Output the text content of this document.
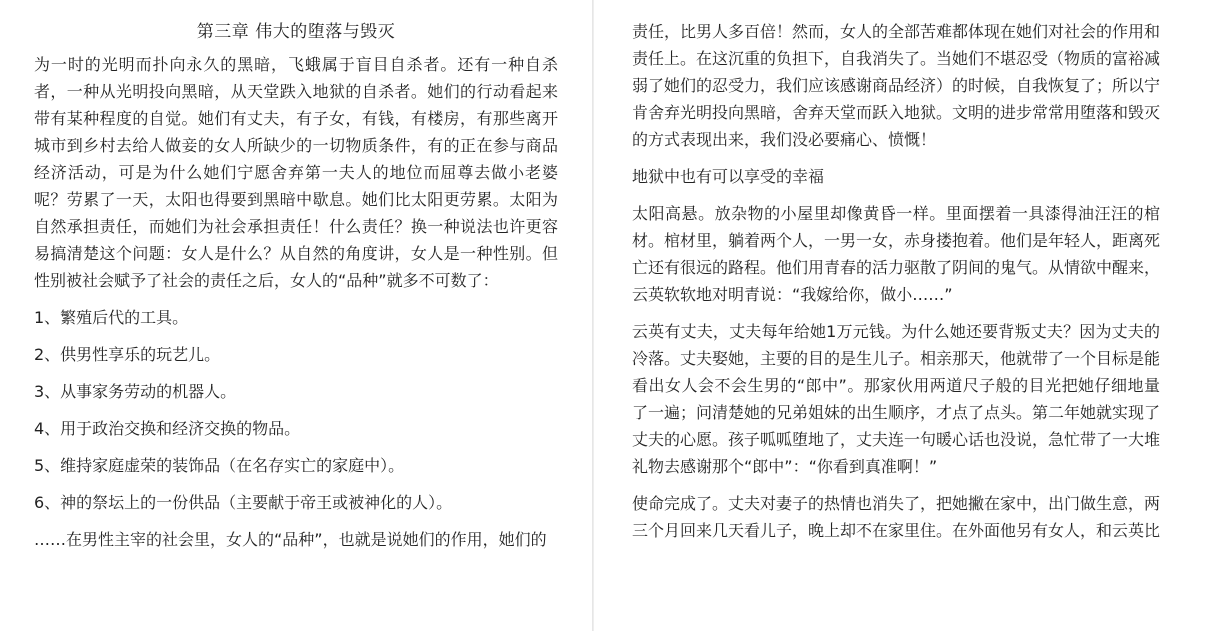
第三章 伟大的堕落与毁灭

为一时的光明而扑向永久的黑暗，飞蛾属于盲目自杀者。还有一种自杀者，一种从光明投向黑暗，从天堂跌入地狱的自杀者。她们的行动看起来带有某种程度的自觉。她们有丈夫，有子女，有钱，有楼房，有那些离开城市到乡村去给人做妾的女人所缺少的一切物质条件，有的正在参与商品经济活动，可是为什么她们宁愿舍弃第一夫人的地位而屈尊去做小老婆呢？劳累了一天，太阳也得要到黑暗中歇息。她们比太阳更劳累。太阳为自然承担责任，而她们为社会承担责任！什么责任？换一种说法也许更容易搞清楚这个问题：女人是什么？从自然的角度讲，女人是一种性别。但性别被社会赋予了社会的责任之后，女人的“品种”就多不可数了：

1、繁殖后代的工具。
2、供男性享乐的玩艺儿。
3、从事家务劳动的机器人。
4、用于政治交换和经济交换的物品。
5、维持家庭虚荣的装饰品（在名存实亡的家庭中）。
6、神的祭坛上的一份供品（主要献于帝王或被神化的人）。

……在男性主宰的社会里，女人的“品种”，也就是说她们的作用，她们的

责任，比男人多百倍！然而，女人的全部苦难都体现在她们对社会的作用和责任上。在这沉重的负担下，自我消失了。当她们不堪忍受（物质的富裕减弱了她们的忍受力，我们应该感谢商品经济）的时候，自我恢复了；所以宁肯舍弃光明投向黑暗，舍弃天堂而跃入地狱。文明的进步常常用堕落和毁灭的方式表现出来，我们没必要痛心、愤慨！

地狱中也有可以享受的幸福

太阳高悬。放杂物的小屋里却像黄昏一样。里面摆着一具漆得油汪汪的棺材。棺材里，躺着两个人，一男一女，赤身搂抱着。他们是年轻人，距离死亡还有很远的路程。他们用青春的活力驱散了阴间的鬼气。从情欲中醒来，云英软软地对明青说：“我嫁给你，做小……”

云英有丈夫，丈夫每年给她1万元钱。为什么她还要背叛丈夫？因为丈夫的冷落。丈夫娶她，主要的目的是生儿子。相亲那天，他就带了一个目标是能看出女人会不会生男的“郎中”。那家伙用两道尺子般的目光把她仔细地量了一遍；问清楚她的兄弟姐妹的出生顺序，才点了点头。第二年她就实现了丈夫的心愿。孩子呱呱堕地了，丈夫连一句暖心话也没说，急忙带了一大堆礼物去感谢那个“郎中”：“你看到真准啊！”

使命完成了。丈夫对妻子的热情也消失了，把她撇在家中，出门做生意，两三个月回来几天看儿子，晚上却不在家里住。在外面他另有女人，和云英比
